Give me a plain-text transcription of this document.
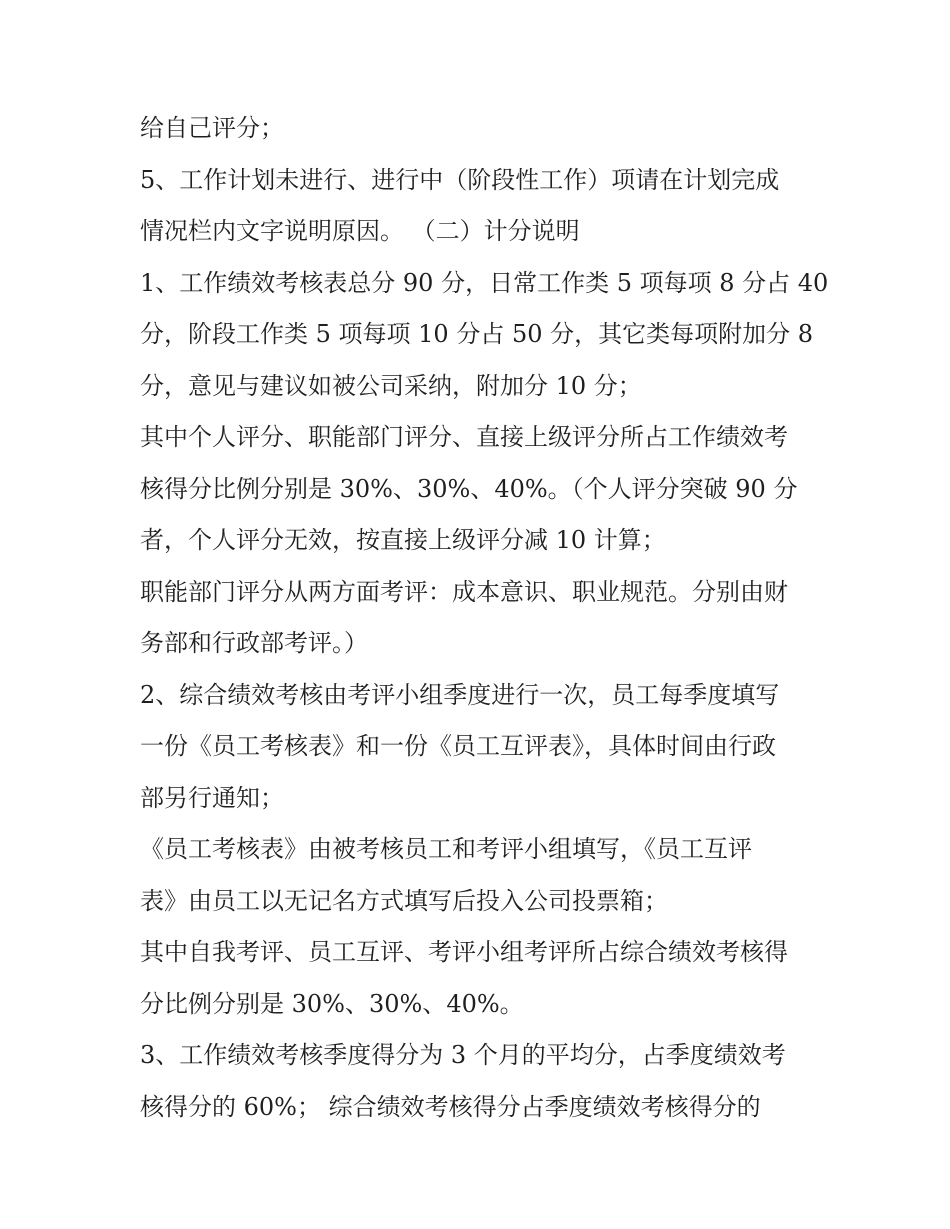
给自己评分；
5、工作计划未进行、进行中（阶段性工作）项请在计划完成
情况栏内文字说明原因。 （二）计分说明
1、工作绩效考核表总分 90 分，日常工作类 5 项每项 8 分占 40
分，阶段工作类 5 项每项 10 分占 50 分，其它类每项附加分 8
分，意见与建议如被公司采纳，附加分 10 分；
其中个人评分、职能部门评分、直接上级评分所占工作绩效考
核得分比例分别是 30%、30%、40%。（个人评分突破 90 分
者，个人评分无效，按直接上级评分减 10 计算；
职能部门评分从两方面考评：成本意识、职业规范。分别由财
务部和行政部考评。）
2、综合绩效考核由考评小组季度进行一次，员工每季度填写
一份《员工考核表》和一份《员工互评表》，具体时间由行政
部另行通知；
《员工考核表》由被考核员工和考评小组填写，《员工互评
表》由员工以无记名方式填写后投入公司投票箱；
其中自我考评、员工互评、考评小组考评所占综合绩效考核得
分比例分别是 30%、30%、40%。
3、工作绩效考核季度得分为 3 个月的平均分，占季度绩效考
核得分的 60%； 综合绩效考核得分占季度绩效考核得分的
